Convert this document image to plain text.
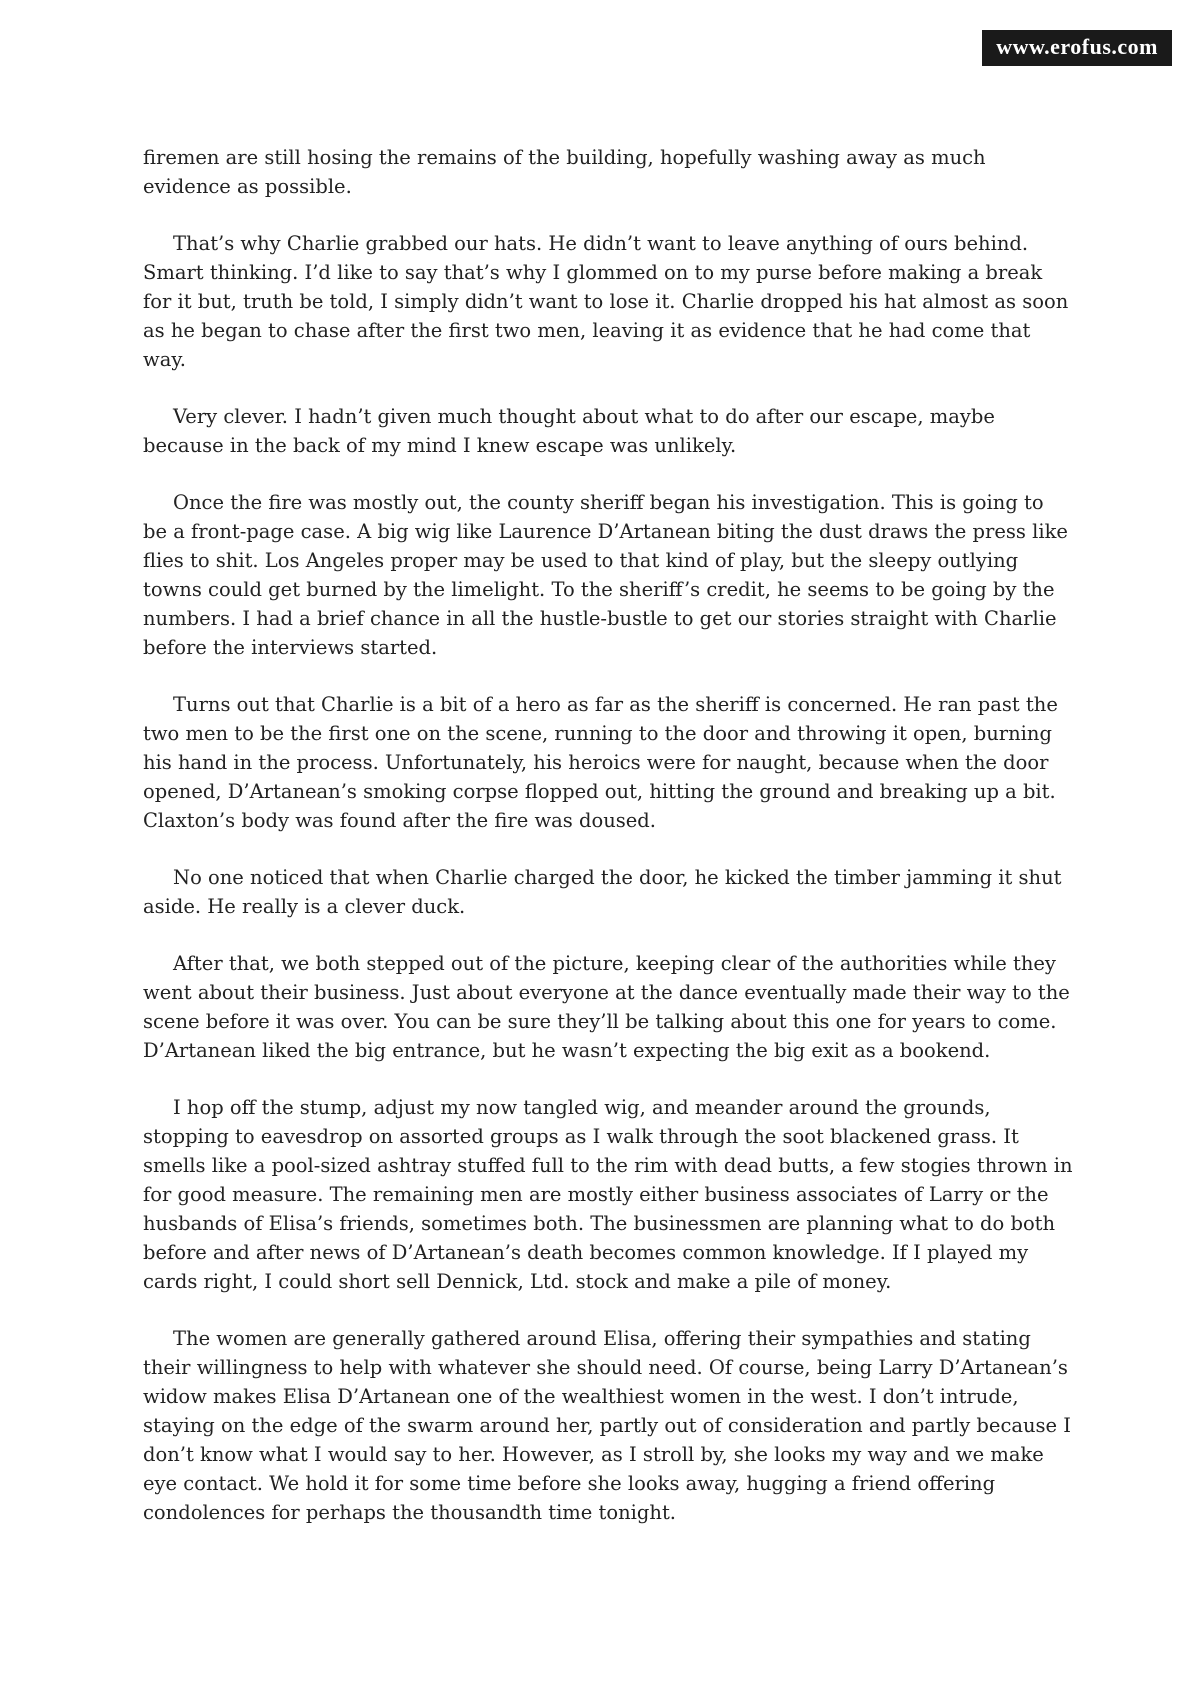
www.erofus.com

firemen are still hosing the remains of the building, hopefully washing away as much evidence as possible.

That’s why Charlie grabbed our hats. He didn’t want to leave anything of ours behind. Smart thinking. I’d like to say that’s why I glommed on to my purse before making a break for it but, truth be told, I simply didn’t want to lose it. Charlie dropped his hat almost as soon as he began to chase after the first two men, leaving it as evidence that he had come that way.

Very clever. I hadn’t given much thought about what to do after our escape, maybe because in the back of my mind I knew escape was unlikely.

Once the fire was mostly out, the county sheriff began his investigation. This is going to be a front-page case. A big wig like Laurence D’Artanean biting the dust draws the press like flies to shit. Los Angeles proper may be used to that kind of play, but the sleepy outlying towns could get burned by the limelight. To the sheriff’s credit, he seems to be going by the numbers. I had a brief chance in all the hustle-bustle to get our stories straight with Charlie before the interviews started.

Turns out that Charlie is a bit of a hero as far as the sheriff is concerned. He ran past the two men to be the first one on the scene, running to the door and throwing it open, burning his hand in the process. Unfortunately, his heroics were for naught, because when the door opened, D’Artanean’s smoking corpse flopped out, hitting the ground and breaking up a bit. Claxton’s body was found after the fire was doused.

No one noticed that when Charlie charged the door, he kicked the timber jamming it shut aside. He really is a clever duck.

After that, we both stepped out of the picture, keeping clear of the authorities while they went about their business. Just about everyone at the dance eventually made their way to the scene before it was over. You can be sure they’ll be talking about this one for years to come. D’Artanean liked the big entrance, but he wasn’t expecting the big exit as a bookend.

I hop off the stump, adjust my now tangled wig, and meander around the grounds, stopping to eavesdrop on assorted groups as I walk through the soot blackened grass. It smells like a pool-sized ashtray stuffed full to the rim with dead butts, a few stogies thrown in for good measure. The remaining men are mostly either business associates of Larry or the husbands of Elisa’s friends, sometimes both. The businessmen are planning what to do both before and after news of D’Artanean’s death becomes common knowledge. If I played my cards right, I could short sell Dennick, Ltd. stock and make a pile of money.

The women are generally gathered around Elisa, offering their sympathies and stating their willingness to help with whatever she should need. Of course, being Larry D’Artanean’s widow makes Elisa D’Artanean one of the wealthiest women in the west. I don’t intrude, staying on the edge of the swarm around her, partly out of consideration and partly because I don’t know what I would say to her. However, as I stroll by, she looks my way and we make eye contact. We hold it for some time before she looks away, hugging a friend offering condolences for perhaps the thousandth time tonight.
